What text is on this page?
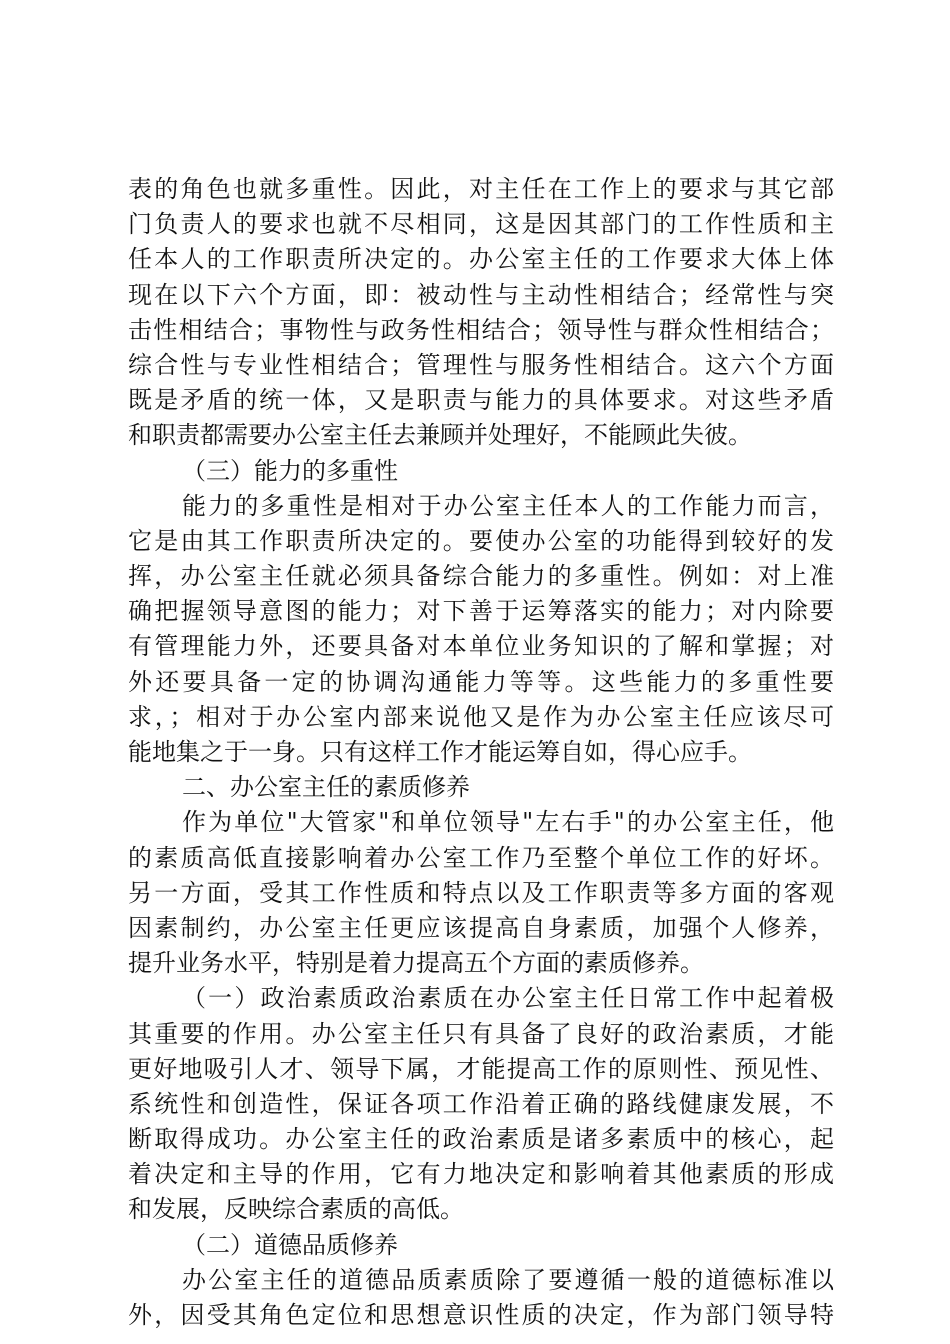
表的角色也就多重性。因此，对主任在工作上的要求与其它部
门负责人的要求也就不尽相同，这是因其部门的工作性质和主
任本人的工作职责所决定的。办公室主任的工作要求大体上体
现在以下六个方面，即：被动性与主动性相结合；经常性与突
击性相结合；事物性与政务性相结合；领导性与群众性相结合；
综合性与专业性相结合；管理性与服务性相结合。这六个方面
既是矛盾的统一体，又是职责与能力的具体要求。对这些矛盾
和职责都需要办公室主任去兼顾并处理好，不能顾此失彼。
（三）能力的多重性
能力的多重性是相对于办公室主任本人的工作能力而言，
它是由其工作职责所决定的。要使办公室的功能得到较好的发
挥，办公室主任就必须具备综合能力的多重性。例如：对上准
确把握领导意图的能力；对下善于运筹落实的能力；对内除要
有管理能力外，还要具备对本单位业务知识的了解和掌握；对
外还要具备一定的协调沟通能力等等。这些能力的多重性要
求，；相对于办公室内部来说他又是作为办公室主任应该尽可
能地集之于一身。只有这样工作才能运筹自如，得心应手。
二、办公室主任的素质修养
作为单位"大管家"和单位领导"左右手"的办公室主任，他
的素质高低直接影响着办公室工作乃至整个单位工作的好坏。
另一方面，受其工作性质和特点以及工作职责等多方面的客观
因素制约，办公室主任更应该提高自身素质，加强个人修养，
提升业务水平，特别是着力提高五个方面的素质修养。
（一）政治素质政治素质在办公室主任日常工作中起着极
其重要的作用。办公室主任只有具备了良好的政治素质，才能
更好地吸引人才、领导下属，才能提高工作的原则性、预见性、
系统性和创造性，保证各项工作沿着正确的路线健康发展，不
断取得成功。办公室主任的政治素质是诸多素质中的核心，起
着决定和主导的作用，它有力地决定和影响着其他素质的形成
和发展，反映综合素质的高低。
（二）道德品质修养
办公室主任的道德品质素质除了要遵循一般的道德标准以
外，因受其角色定位和思想意识性质的决定，作为部门领导特
